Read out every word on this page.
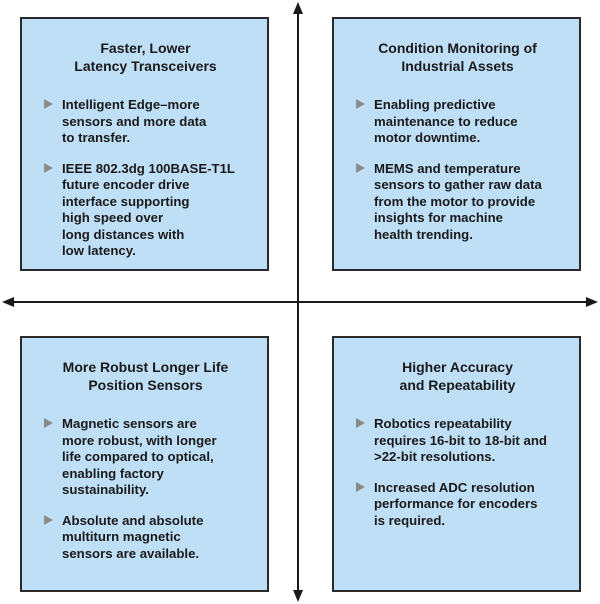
Faster, Lower
Latency Transceivers
Intelligent Edge–more
sensors and more data
to transfer.
IEEE 802.3dg 100BASE-T1L
future encoder drive
interface supporting
high speed over
long distances with
low latency.
Condition Monitoring of
Industrial Assets
Enabling predictive
maintenance to reduce
motor downtime.
MEMS and temperature
sensors to gather raw data
from the motor to provide
insights for machine
health trending.
More Robust Longer Life
Position Sensors
Magnetic sensors are
more robust, with longer
life compared to optical,
enabling factory
sustainability.
Absolute and absolute
multiturn magnetic
sensors are available.
Higher Accuracy
and Repeatability
Robotics repeatability
requires 16-bit to 18-bit and
>22-bit resolutions.
Increased ADC resolution
performance for encoders
is required.
